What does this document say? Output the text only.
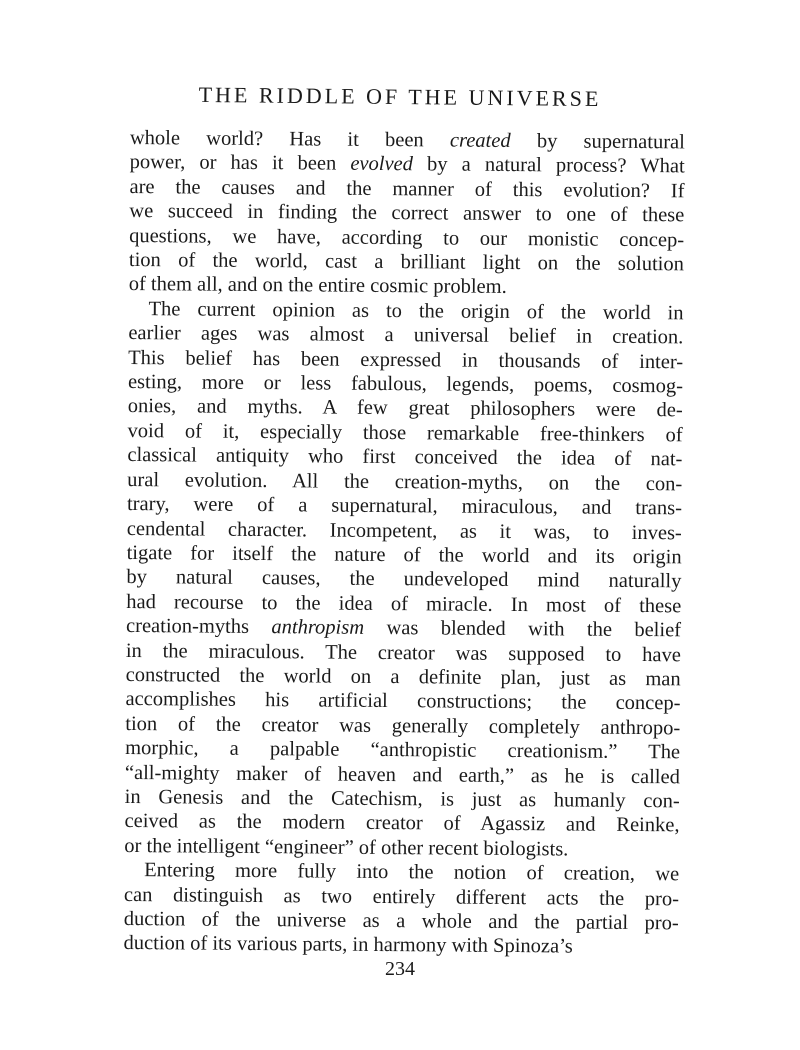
THE RIDDLE OF THE UNIVERSE
whole world? Has it been created by supernatural
power, or has it been evolved by a natural process? What
are the causes and the manner of this evolution? If
we succeed in finding the correct answer to one of these
questions, we have, according to our monistic concep-
tion of the world, cast a brilliant light on the solution
of them all, and on the entire cosmic problem.
The current opinion as to the origin of the world in
earlier ages was almost a universal belief in creation.
This belief has been expressed in thousands of inter-
esting, more or less fabulous, legends, poems, cosmog-
onies, and myths. A few great philosophers were de-
void of it, especially those remarkable free-thinkers of
classical antiquity who first conceived the idea of nat-
ural evolution. All the creation-myths, on the con-
trary, were of a supernatural, miraculous, and trans-
cendental character. Incompetent, as it was, to inves-
tigate for itself the nature of the world and its origin
by natural causes, the undeveloped mind naturally
had recourse to the idea of miracle. In most of these
creation-myths anthropism was blended with the belief
in the miraculous. The creator was supposed to have
constructed the world on a definite plan, just as man
accomplishes his artificial constructions; the concep-
tion of the creator was generally completely anthropo-
morphic, a palpable “anthropistic creationism.” The
“all-mighty maker of heaven and earth,” as he is called
in Genesis and the Catechism, is just as humanly con-
ceived as the modern creator of Agassiz and Reinke,
or the intelligent “engineer” of other recent biologists.
Entering more fully into the notion of creation, we
can distinguish as two entirely different acts the pro-
duction of the universe as a whole and the partial pro-
duction of its various parts, in harmony with Spinoza’s
234
